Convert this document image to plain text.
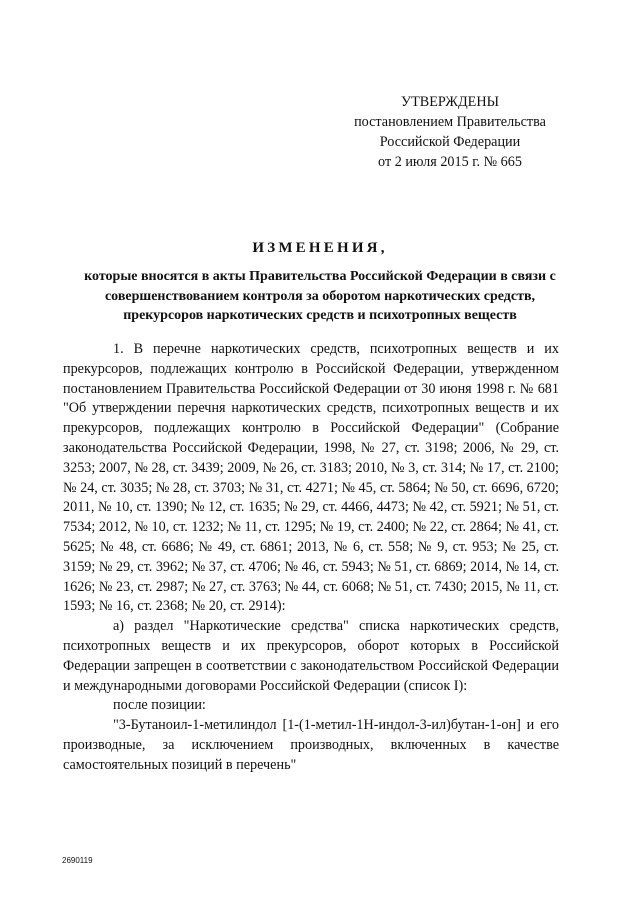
УТВЕРЖДЕНЫ
постановлением Правительства
Российской Федерации
от 2 июля 2015 г. № 665
ИЗМЕНЕНИЯ,
которые вносятся в акты Правительства Российской Федерации в связи с совершенствованием контроля за оборотом наркотических средств, прекурсоров наркотических средств и психотропных веществ

1. В перечне наркотических средств, психотропных веществ и их прекурсоров, подлежащих контролю в Российской Федерации, утвержденном постановлением Правительства Российской Федерации от 30 июня 1998 г. № 681 "Об утверждении перечня наркотических средств, психотропных веществ и их прекурсоров, подлежащих контролю в Российской Федерации" (Собрание законодательства Российской Федерации, 1998, № 27, ст. 3198; 2006, № 29, ст. 3253; 2007, № 28, ст. 3439; 2009, № 26, ст. 3183; 2010, № 3, ст. 314; № 17, ст. 2100; № 24, ст. 3035; № 28, ст. 3703; № 31, ст. 4271; № 45, ст. 5864; № 50, ст. 6696, 6720; 2011, № 10, ст. 1390; № 12, ст. 1635; № 29, ст. 4466, 4473; № 42, ст. 5921; № 51, ст. 7534; 2012, № 10, ст. 1232; № 11, ст. 1295; № 19, ст. 2400; № 22, ст. 2864; № 41, ст. 5625; № 48, ст. 6686; № 49, ст. 6861; 2013, № 6, ст. 558; № 9, ст. 953; № 25, ст. 3159; № 29, ст. 3962; № 37, ст. 4706; № 46, ст. 5943; № 51, ст. 6869; 2014, № 14, ст. 1626; № 23, ст. 2987; № 27, ст. 3763; № 44, ст. 6068; № 51, ст. 7430; 2015, № 11, ст. 1593; № 16, ст. 2368; № 20, ст. 2914):

а) раздел "Наркотические средства" списка наркотических средств, психотропных веществ и их прекурсоров, оборот которых в Российской Федерации запрещен в соответствии с законодательством Российской Федерации и международными договорами Российской Федерации (список I):

после позиции:

"3-Бутаноил-1-метилиндол [1-(1-метил-1Н-индол-3-ил)бутан-1-он] и его производные, за исключением производных, включенных в качестве самостоятельных позиций в перечень"

2690119
